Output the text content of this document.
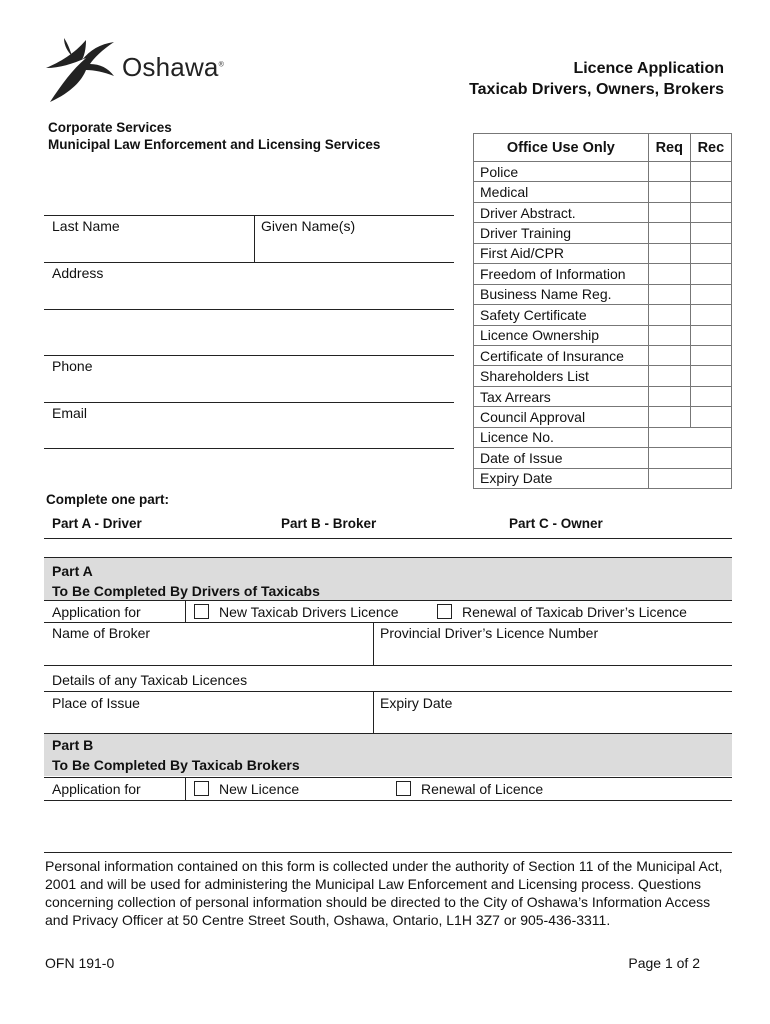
Oshawa®	Licence Application
Taxicab Drivers, Owners, Brokers
Corporate Services
Municipal Law Enforcement and Licensing Services
Last Name	Given Name(s)
Address
Phone
Email
Office Use Only	Req	Rec
Police		
Medical		
Driver Abstract.		
Driver Training		
First Aid/CPR		
Freedom of Information		
Business Name Reg.		
Safety Certificate		
Licence Ownership		
Certificate of Insurance		
Shareholders List		
Tax Arrears		
Council Approval		
Licence No.		
Date of Issue		
Expiry Date		
Complete one part:
Part A - Driver	Part B - Broker	Part C - Owner
Part A
To Be Completed By Drivers of Taxicabs
Application for	New Taxicab Drivers Licence	Renewal of Taxicab Driver’s Licence
Name of Broker	Provincial Driver’s Licence Number
Details of any Taxicab Licences
Place of Issue	Expiry Date
Part B
To Be Completed By Taxicab Brokers
Application for	New Licence	Renewal of Licence
Personal information contained on this form is collected under the authority of Section 11 of the Municipal Act, 2001 and will be used for administering the Municipal Law Enforcement and Licensing process. Questions concerning collection of personal information should be directed to the City of Oshawa’s Information Access and Privacy Officer at 50 Centre Street South, Oshawa, Ontario, L1H 3Z7 or 905-436-3311.
OFN 191-0	Page 1 of 2
